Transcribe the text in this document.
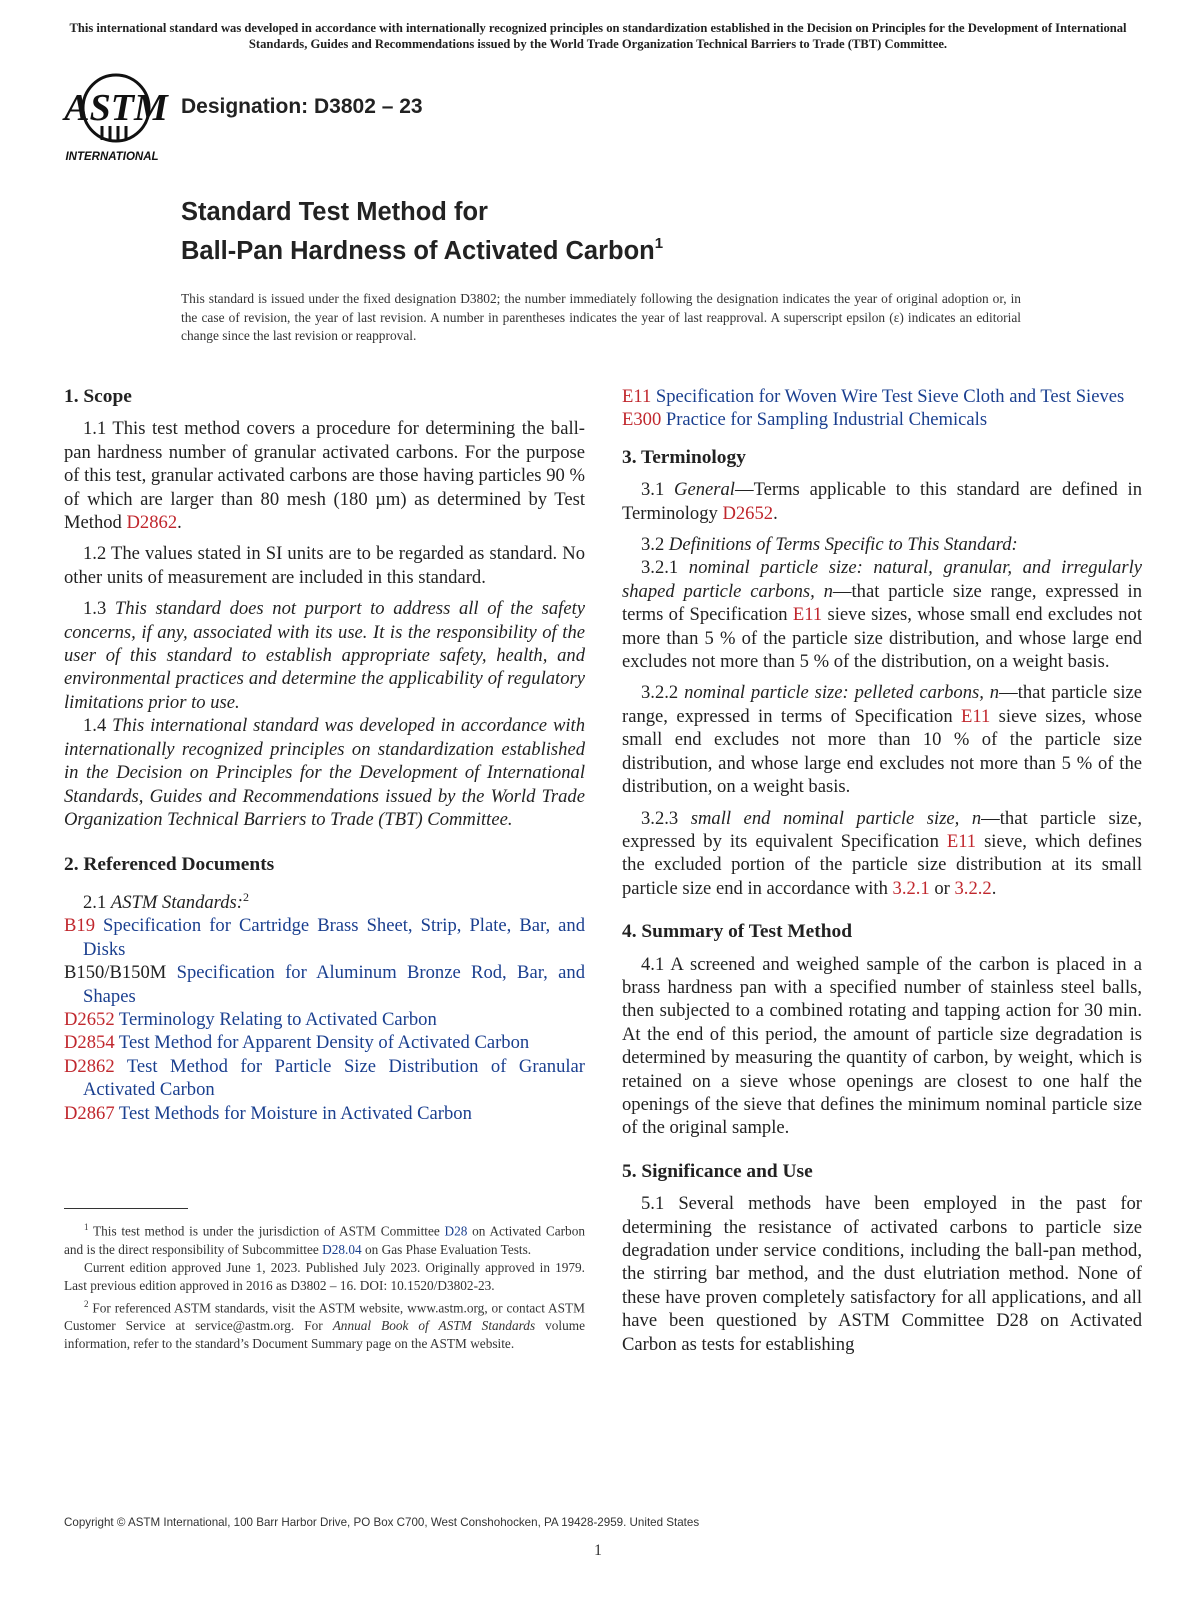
This international standard was developed in accordance with internationally recognized principles on standardization established in the Decision on Principles for the Development of International Standards, Guides and Recommendations issued by the World Trade Organization Technical Barriers to Trade (TBT) Committee.
ASTM
INTERNATIONAL
Designation: D3802 – 23
Standard Test Method for
Ball-Pan Hardness of Activated Carbon$^1$
This standard is issued under the fixed designation D3802; the number immediately following the designation indicates the year of original adoption or, in the case of revision, the year of last revision. A number in parentheses indicates the year of last reapproval. A superscript epsilon (ε) indicates an editorial change since the last revision or reapproval.
1. Scope

1.1 This test method covers a procedure for determining the ball-pan hardness number of granular activated carbons. For the purpose of this test, granular activated carbons are those having particles 90 % of which are larger than 80 mesh (180 µm) as determined by Test Method D2862.

1.2 The values stated in SI units are to be regarded as standard. No other units of measurement are included in this standard.

1.3 This standard does not purport to address all of the safety concerns, if any, associated with its use. It is the responsibility of the user of this standard to establish appropriate safety, health, and environmental practices and determine the applicability of regulatory limitations prior to use.

1.4 This international standard was developed in accordance with internationally recognized principles on standardization established in the Decision on Principles for the Development of International Standards, Guides and Recommendations issued by the World Trade Organization Technical Barriers to Trade (TBT) Committee.

2. Referenced Documents

2.1 ASTM Standards:$^2$

B19 Specification for Cartridge Brass Sheet, Strip, Plate, Bar, and Disks
B150/B150M Specification for Aluminum Bronze Rod, Bar, and Shapes
D2652 Terminology Relating to Activated Carbon
D2854 Test Method for Apparent Density of Activated Carbon
D2862 Test Method for Particle Size Distribution of Granular Activated Carbon
D2867 Test Methods for Moisture in Activated Carbon

$^1$ This test method is under the jurisdiction of ASTM Committee D28 on Activated Carbon and is the direct responsibility of Subcommittee D28.04 on Gas Phase Evaluation Tests.

Current edition approved June 1, 2023. Published July 2023. Originally approved in 1979. Last previous edition approved in 2016 as D3802 – 16. DOI: 10.1520/D3802-23.

$^2$ For referenced ASTM standards, visit the ASTM website, www.astm.org, or contact ASTM Customer Service at service@astm.org. For Annual Book of ASTM Standards volume information, refer to the standard’s Document Summary page on the ASTM website.

E11 Specification for Woven Wire Test Sieve Cloth and Test Sieves
E300 Practice for Sampling Industrial Chemicals
3. Terminology

3.1 General—Terms applicable to this standard are defined in Terminology D2652.

3.2 Definitions of Terms Specific to This Standard:

3.2.1 nominal particle size: natural, granular, and irregularly shaped particle carbons, n—that particle size range, expressed in terms of Specification E11 sieve sizes, whose small end excludes not more than 5 % of the particle size distribution, and whose large end excludes not more than 5 % of the distribution, on a weight basis.

3.2.2 nominal particle size: pelleted carbons, n—that particle size range, expressed in terms of Specification E11 sieve sizes, whose small end excludes not more than 10 % of the particle size distribution, and whose large end excludes not more than 5 % of the distribution, on a weight basis.

3.2.3 small end nominal particle size, n—that particle size, expressed by its equivalent Specification E11 sieve, which defines the excluded portion of the particle size distribution at its small particle size end in accordance with 3.2.1 or 3.2.2.

4. Summary of Test Method

4.1 A screened and weighed sample of the carbon is placed in a brass hardness pan with a specified number of stainless steel balls, then subjected to a combined rotating and tapping action for 30 min. At the end of this period, the amount of particle size degradation is determined by measuring the quantity of carbon, by weight, which is retained on a sieve whose openings are closest to one half the openings of the sieve that defines the minimum nominal particle size of the original sample.

5. Significance and Use

5.1 Several methods have been employed in the past for determining the resistance of activated carbons to particle size degradation under service conditions, including the ball-pan method, the stirring bar method, and the dust elutriation method. None of these have proven completely satisfactory for all applications, and all have been questioned by ASTM Committee D28 on Activated Carbon as tests for establishing

Copyright © ASTM International, 100 Barr Harbor Drive, PO Box C700, West Conshohocken, PA 19428-2959. United States
1
